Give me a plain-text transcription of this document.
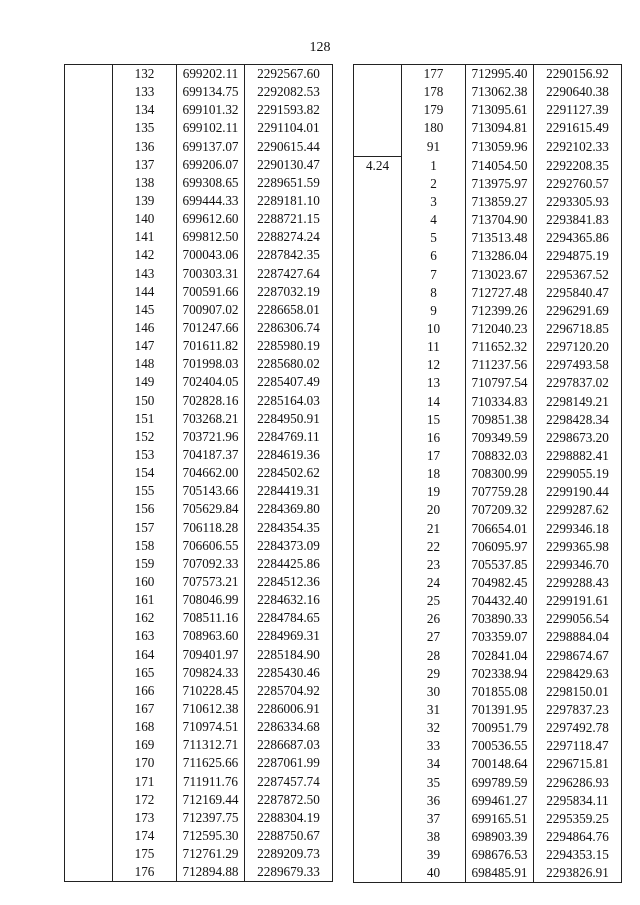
128
	132	699202.11	2292567.60
	133	699134.75	2292082.53
	134	699101.32	2291593.82
	135	699102.11	2291104.01
	136	699137.07	2290615.44
	137	699206.07	2290130.47
	138	699308.65	2289651.59
	139	699444.33	2289181.10
	140	699612.60	2288721.15
	141	699812.50	2288274.24
	142	700043.06	2287842.35
	143	700303.31	2287427.64
	144	700591.66	2287032.19
	145	700907.02	2286658.01
	146	701247.66	2286306.74
	147	701611.82	2285980.19
	148	701998.03	2285680.02
	149	702404.05	2285407.49
	150	702828.16	2285164.03
	151	703268.21	2284950.91
	152	703721.96	2284769.11
	153	704187.37	2284619.36
	154	704662.00	2284502.62
	155	705143.66	2284419.31
	156	705629.84	2284369.80
	157	706118.28	2284354.35
	158	706606.55	2284373.09
	159	707092.33	2284425.86
	160	707573.21	2284512.36
	161	708046.99	2284632.16
	162	708511.16	2284784.65
	163	708963.60	2284969.31
	164	709401.97	2285184.90
	165	709824.33	2285430.46
	166	710228.45	2285704.92
	167	710612.38	2286006.91
	168	710974.51	2286334.68
	169	711312.71	2286687.03
	170	711625.66	2287061.99
	171	711911.76	2287457.74
	172	712169.44	2287872.50
	173	712397.75	2288304.19
	174	712595.30	2288750.67
	175	712761.29	2289209.73
	176	712894.88	2289679.33
	177	712995.40	2290156.92
	178	713062.38	2290640.38
	179	713095.61	2291127.39
	180	713094.81	2291615.49
	91	713059.96	2292102.33
4.24	1	714054.50	2292208.35
	2	713975.97	2292760.57
	3	713859.27	2293305.93
	4	713704.90	2293841.83
	5	713513.48	2294365.86
	6	713286.04	2294875.19
	7	713023.67	2295367.52
	8	712727.48	2295840.47
	9	712399.26	2296291.69
	10	712040.23	2296718.85
	11	711652.32	2297120.20
	12	711237.56	2297493.58
	13	710797.54	2297837.02
	14	710334.83	2298149.21
	15	709851.38	2298428.34
	16	709349.59	2298673.20
	17	708832.03	2298882.41
	18	708300.99	2299055.19
	19	707759.28	2299190.44
	20	707209.32	2299287.62
	21	706654.01	2299346.18
	22	706095.97	2299365.98
	23	705537.85	2299346.70
	24	704982.45	2299288.43
	25	704432.40	2299191.61
	26	703890.33	2299056.54
	27	703359.07	2298884.04
	28	702841.04	2298674.67
	29	702338.94	2298429.63
	30	701855.08	2298150.01
	31	701391.95	2297837.23
	32	700951.79	2297492.78
	33	700536.55	2297118.47
	34	700148.64	2296715.81
	35	699789.59	2296286.93
	36	699461.27	2295834.11
	37	699165.51	2295359.25
	38	698903.39	2294864.76
	39	698676.53	2294353.15
	40	698485.91	2293826.91
